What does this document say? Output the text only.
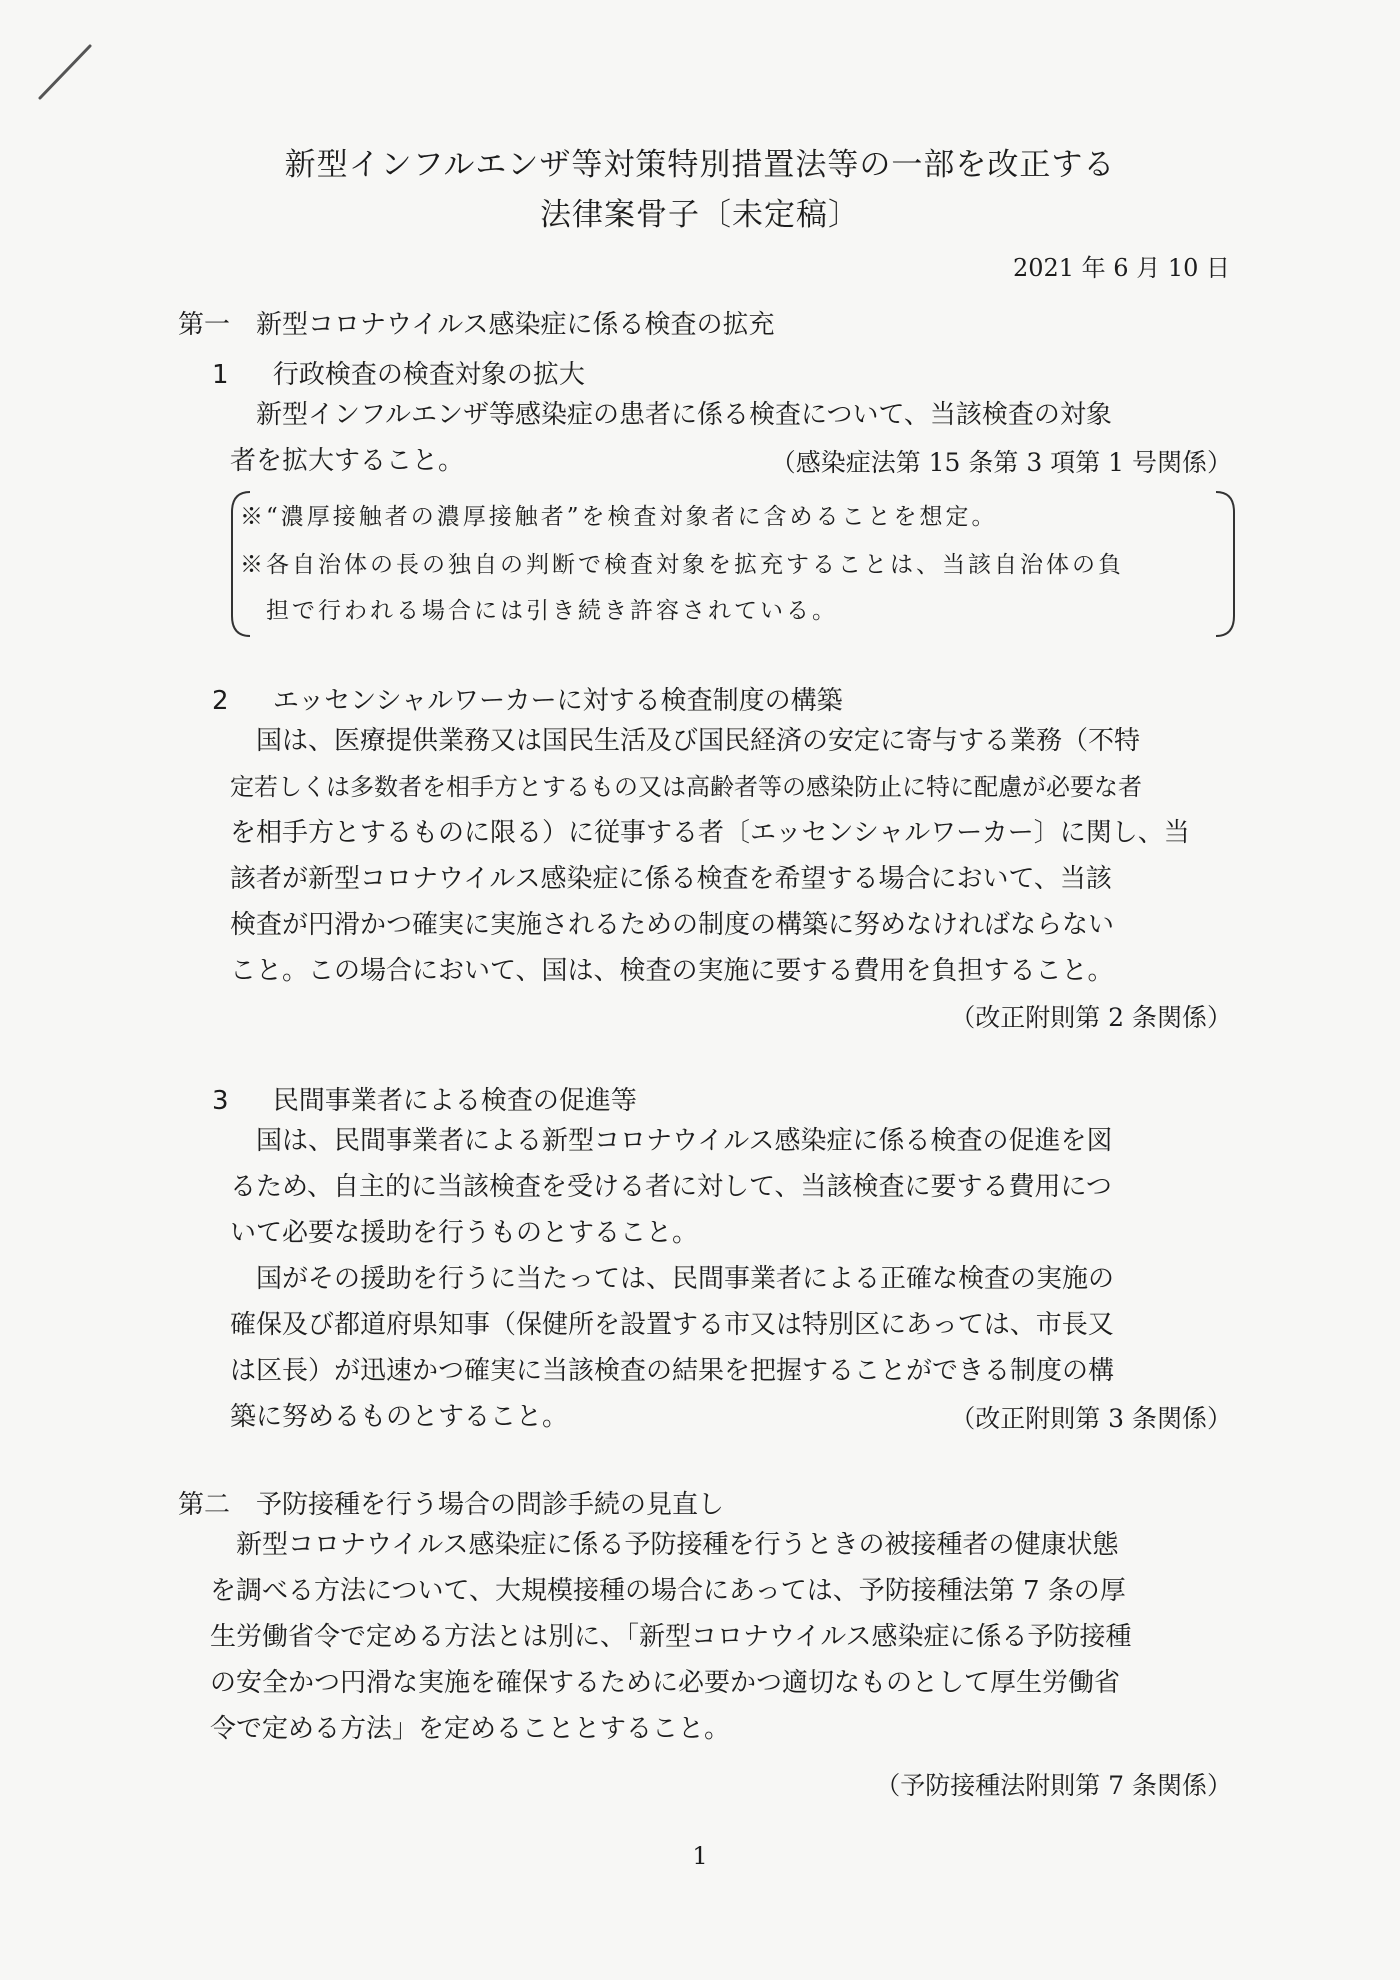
新型インフルエンザ等対策特別措置法等の一部を改正する
法律案骨子〔未定稿〕
2021 年 6 月 10 日
第一　新型コロナウイルス感染症に係る検査の拡充
1 行政検査の検査対象の拡大
　新型インフルエンザ等感染症の患者に係る検査について、当該検査の対象
者を拡大すること。	（感染症法第 15 条第 3 項第 1 号関係）
※“濃厚接触者の濃厚接触者”を検査対象者に含めることを想定。
※各自治体の長の独自の判断で検査対象を拡充することは、当該自治体の負
　担で行われる場合には引き続き許容されている。
2 エッセンシャルワーカーに対する検査制度の構築
　国は、医療提供業務又は国民生活及び国民経済の安定に寄与する業務（不特
定若しくは多数者を相手方とするもの又は高齢者等の感染防止に特に配慮が必要な者
を相手方とするものに限る）に従事する者〔エッセンシャルワーカー〕に関し、当
該者が新型コロナウイルス感染症に係る検査を希望する場合において、当該
検査が円滑かつ確実に実施されるための制度の構築に努めなければならない
こと。この場合において、国は、検査の実施に要する費用を負担すること。
（改正附則第 2 条関係）
3 民間事業者による検査の促進等
　国は、民間事業者による新型コロナウイルス感染症に係る検査の促進を図
るため、自主的に当該検査を受ける者に対して、当該検査に要する費用につ
いて必要な援助を行うものとすること。
　国がその援助を行うに当たっては、民間事業者による正確な検査の実施の
確保及び都道府県知事（保健所を設置する市又は特別区にあっては、市長又
は区長）が迅速かつ確実に当該検査の結果を把握することができる制度の構
築に努めるものとすること。	（改正附則第 3 条関係）
第二　予防接種を行う場合の問診手続の見直し
　新型コロナウイルス感染症に係る予防接種を行うときの被接種者の健康状態
を調べる方法について、大規模接種の場合にあっては、予防接種法第 7 条の厚
生労働省令で定める方法とは別に、「新型コロナウイルス感染症に係る予防接種
の安全かつ円滑な実施を確保するために必要かつ適切なものとして厚生労働省
令で定める方法」を定めることとすること。
（予防接種法附則第 7 条関係）
1
